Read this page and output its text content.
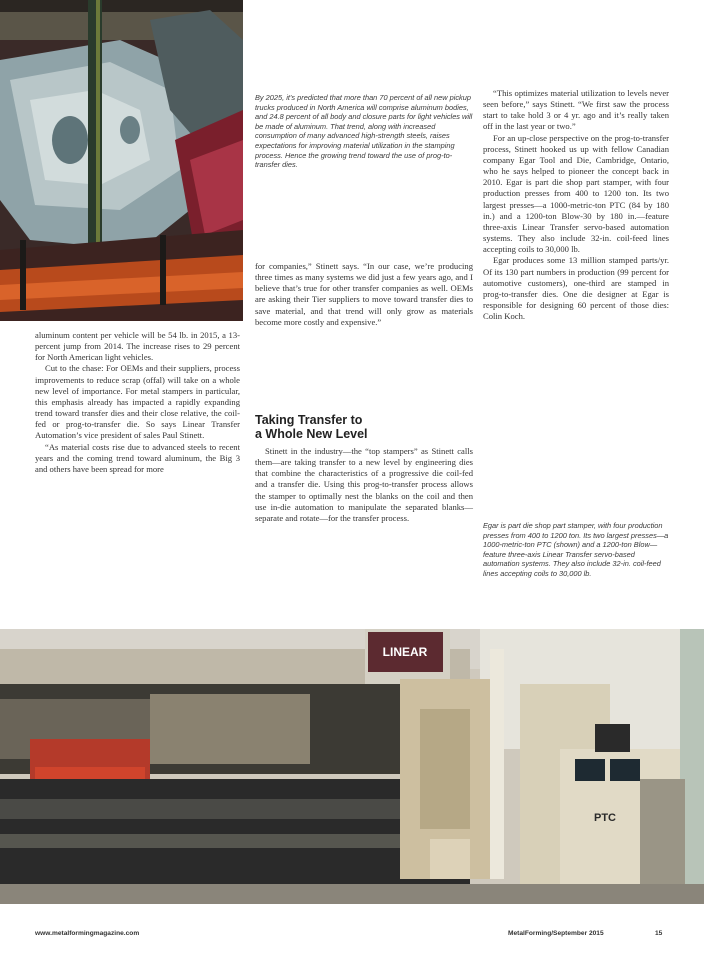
By 2025, it’s predicted that more than 70 percent of all new pickup trucks produced in North America will comprise aluminum bodies, and 24.8 percent of all body and closure parts for light vehicles will be made of aluminum. That trend, along with increased consumption of many advanced high-strength steels, raises expectations for improving material utilization in the stamping process. Hence the growing trend toward the use of prog-to-transfer dies.

aluminum content per vehicle will be 54 lb. in 2015, a 13-percent jump from 2014. The increase rises to 29 percent for North American light vehicles.

Cut to the chase: For OEMs and their suppliers, process improvements to reduce scrap (offal) will take on a whole new level of importance. For metal stampers in particular, this emphasis already has impacted a rapidly expanding trend toward transfer dies and their close relative, the coil-fed or prog-to-transfer die. So says Linear Transfer Automation’s vice president of sales Paul Stinett.

“As material costs rise due to advanced steels to recent years and the coming trend toward aluminum, the Big 3 and others have been spread for more

for companies,” Stinett says. “In our case, we’re producing three times as many systems we did just a few years ago, and I believe that’s true for other transfer companies as well. OEMs are asking their Tier suppliers to move toward transfer dies to save material, and that trend will only grow as materials become more costly and expensive.”

Taking Transfer to
a Whole New Level

Stinett in the industry—the “top stampers” as Stinett calls them—are taking transfer to a new level by engineering dies that combine the characteristics of a progressive die coil-fed and a transfer die. Using this prog-to-transfer process allows the stamper to optimally nest the blanks on the coil and then use in-die automation to manipulate the separated blanks—separate and rotate—for the transfer process.

“This optimizes material utilization to levels never seen before,” says Stinett. “We first saw the process start to take hold 3 or 4 yr. ago and it’s really taken off in the last year or two.”

For an up-close perspective on the prog-to-transfer process, Stinett hooked us up with fellow Canadian company Egar Tool and Die, Cambridge, Ontario, who he says helped to pioneer the concept back in 2010. Egar is part die shop part stamper, with four production presses from 400 to 1200 ton. Its two largest presses—a 1000-metric-ton PTC (84 by 180 in.) and a 1200-ton Blow-30 by 180 in.—feature three-axis Linear Transfer servo-based automation systems. They also include 32-in. coil-feed lines accepting coils to 30,000 lb.

Egar produces some 13 million stamped parts/yr. Of its 130 part numbers in production (99 percent for automotive customers), one-third are stamped in prog-to-transfer dies. One die designer at Egar is responsible for designing 60 percent of those dies: Colin Koch.

Egar is part die shop part stamper, with four production presses from 400 to 1200 ton. Its two largest presses—a 1000-metric-ton PTC (shown) and a 1200-ton Blow—feature three-axis Linear Transfer servo-based automation systems. They also include 32-in. coil-feed lines accepting coils to 30,000 lb.
LINEAR
PTC
www.metalformingmagazine.com	MetalForming/September 2015	15
